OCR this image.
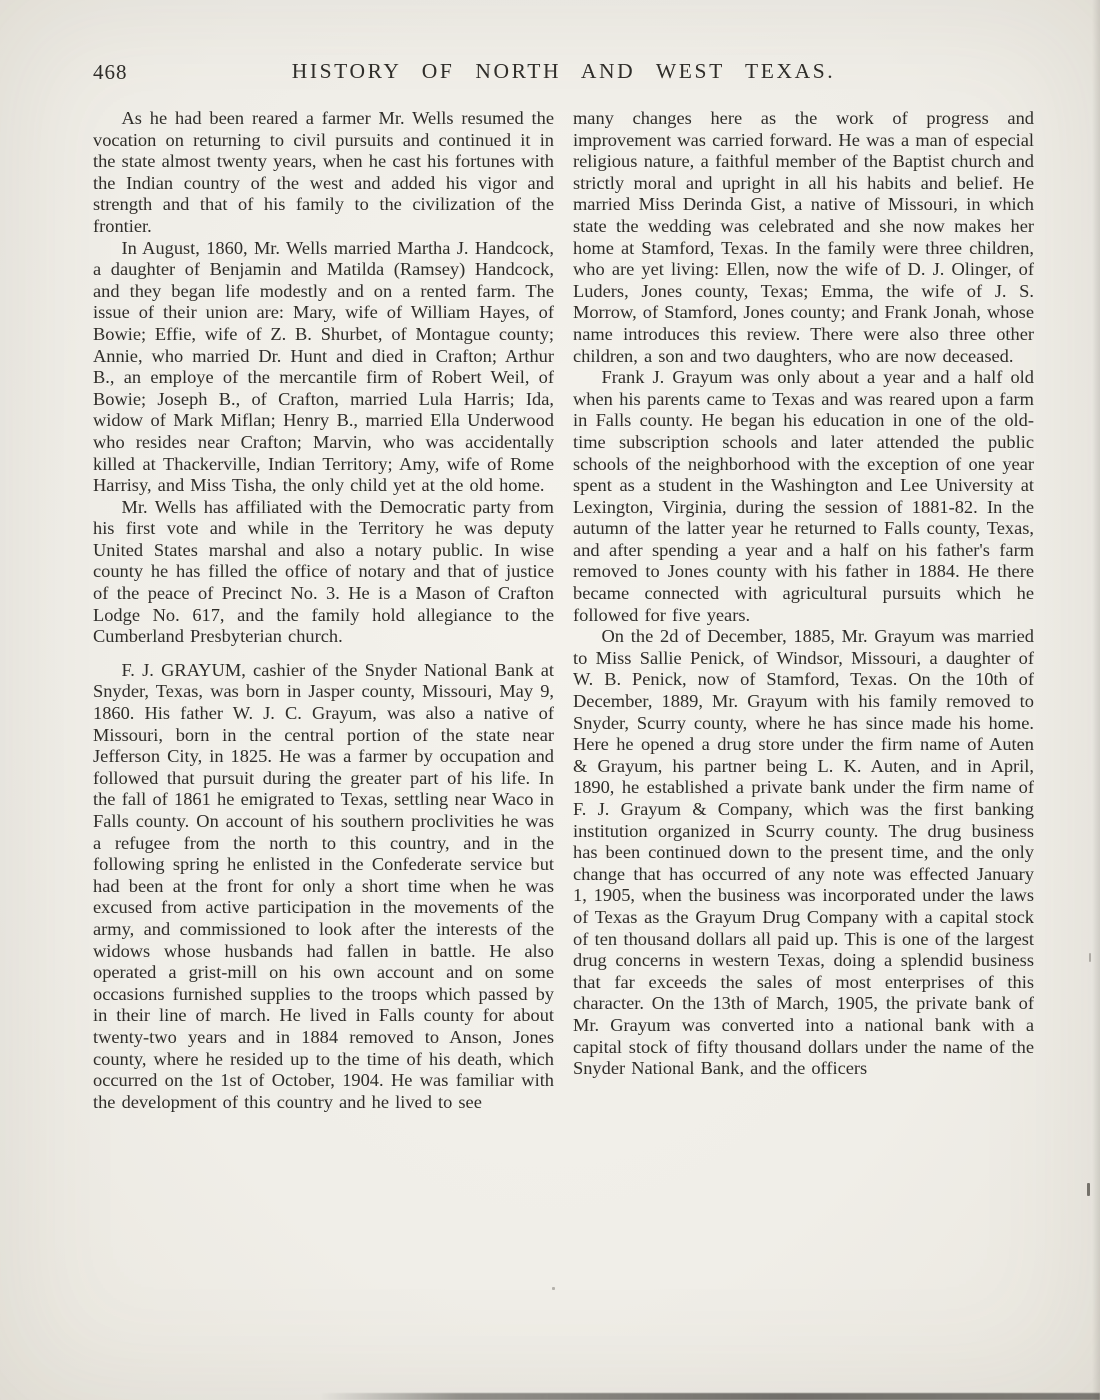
468	HISTORY OF NORTH AND WEST TEXAS.

As he had been reared a farmer Mr. Wells resumed the vocation on returning to civil pursuits and continued it in the state almost twenty years, when he cast his fortunes with the Indian country of the west and added his vigor and strength and that of his family to the civilization of the frontier.

In August, 1860, Mr. Wells married Martha J. Handcock, a daughter of Benjamin and Matilda (Ramsey) Handcock, and they began life modestly and on a rented farm. The issue of their union are: Mary, wife of William Hayes, of Bowie; Effie, wife of Z. B. Shurbet, of Montague county; Annie, who married Dr. Hunt and died in Crafton; Arthur B., an employe of the mercantile firm of Robert Weil, of Bowie; Joseph B., of Crafton, married Lula Harris; Ida, widow of Mark Miflan; Henry B., married Ella Underwood who resides near Crafton; Marvin, who was accidentally killed at Thackerville, Indian Territory; Amy, wife of Rome Harrisy, and Miss Tisha, the only child yet at the old home.

Mr. Wells has affiliated with the Democratic party from his first vote and while in the Territory he was deputy United States marshal and also a notary public. In wise county he has filled the office of notary and that of justice of the peace of Precinct No. 3. He is a Mason of Crafton Lodge No. 617, and the family hold allegiance to the Cumberland Presbyterian church.

F. J. GRAYUM, cashier of the Snyder National Bank at Snyder, Texas, was born in Jasper county, Missouri, May 9, 1860. His father W. J. C. Grayum, was also a native of Missouri, born in the central portion of the state near Jefferson City, in 1825. He was a farmer by occupation and followed that pursuit during the greater part of his life. In the fall of 1861 he emigrated to Texas, settling near Waco in Falls county. On account of his southern proclivities he was a refugee from the north to this country, and in the following spring he enlisted in the Confederate service but had been at the front for only a short time when he was excused from active participation in the movements of the army, and commissioned to look after the interests of the widows whose husbands had fallen in battle. He also operated a grist-mill on his own account and on some occasions furnished supplies to the troops which passed by in their line of march. He lived in Falls county for about twenty-two years and in 1884 removed to Anson, Jones county, where he resided up to the time of his death, which occurred on the 1st of October, 1904. He was familiar with the development of this country and he lived to see

many changes here as the work of progress and improvement was carried forward. He was a man of especial religious nature, a faithful member of the Baptist church and strictly moral and upright in all his habits and belief. He married Miss Derinda Gist, a native of Missouri, in which state the wedding was celebrated and she now makes her home at Stamford, Texas. In the family were three children, who are yet living: Ellen, now the wife of D. J. Olinger, of Luders, Jones county, Texas; Emma, the wife of J. S. Morrow, of Stamford, Jones county; and Frank Jonah, whose name introduces this review. There were also three other children, a son and two daughters, who are now deceased.

Frank J. Grayum was only about a year and a half old when his parents came to Texas and was reared upon a farm in Falls county. He began his education in one of the old-time subscription schools and later attended the public schools of the neighborhood with the exception of one year spent as a student in the Washington and Lee University at Lexington, Virginia, during the session of 1881-82. In the autumn of the latter year he returned to Falls county, Texas, and after spending a year and a half on his father's farm removed to Jones county with his father in 1884. He there became connected with agricultural pursuits which he followed for five years.

On the 2d of December, 1885, Mr. Grayum was married to Miss Sallie Penick, of Windsor, Missouri, a daughter of W. B. Penick, now of Stamford, Texas. On the 10th of December, 1889, Mr. Grayum with his family removed to Snyder, Scurry county, where he has since made his home. Here he opened a drug store under the firm name of Auten & Grayum, his partner being L. K. Auten, and in April, 1890, he established a private bank under the firm name of F. J. Grayum & Company, which was the first banking institution organized in Scurry county. The drug business has been continued down to the present time, and the only change that has occurred of any note was effected January 1, 1905, when the business was incorporated under the laws of Texas as the Grayum Drug Company with a capital stock of ten thousand dollars all paid up. This is one of the largest drug concerns in western Texas, doing a splendid business that far exceeds the sales of most enterprises of this character. On the 13th of March, 1905, the private bank of Mr. Grayum was converted into a national bank with a capital stock of fifty thousand dollars under the name of the Snyder National Bank, and the officers
